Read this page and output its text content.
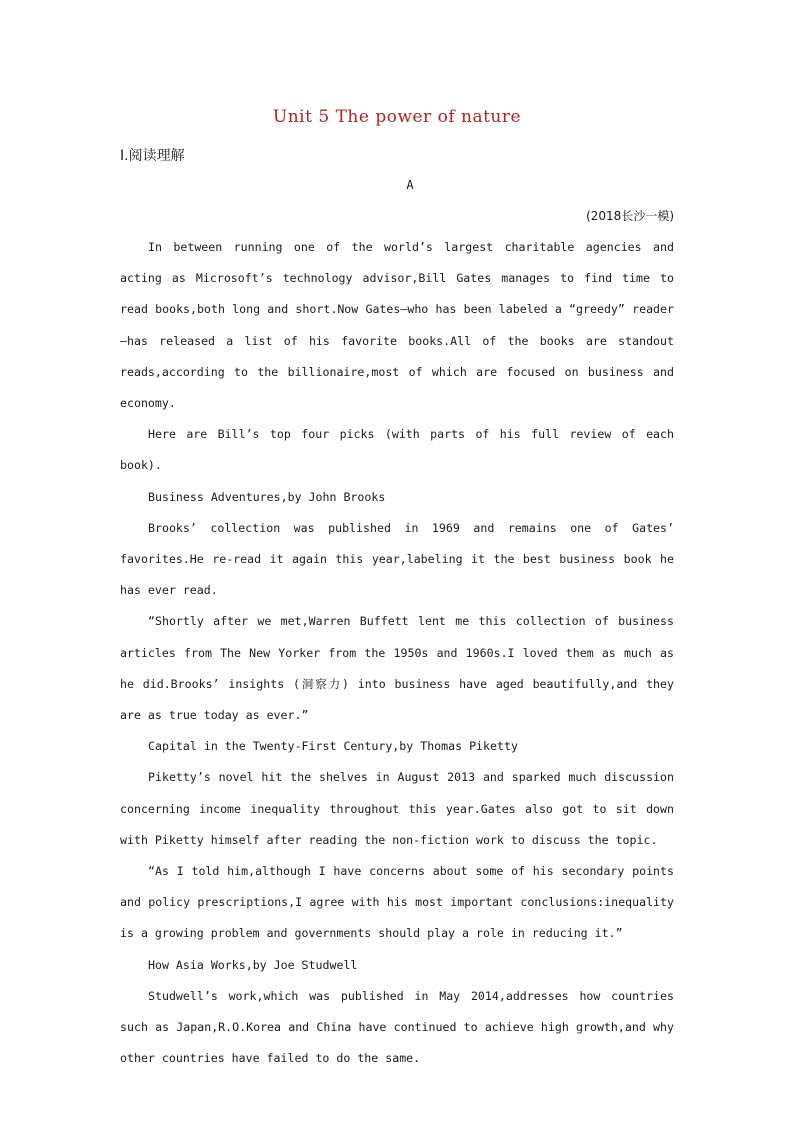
Unit 5 The power of nature
Ⅰ.阅读理解
A
(2018长沙一模)

In between running one of the world’s largest charitable agencies and acting as Microsoft’s technology advisor,Bill Gates manages to find time to read books,both long and short.Now Gates—who has been labeled a “greedy” reader—has released a list of his favorite books.All of the books are standout reads,according to the billionaire,most of which are focused on business and economy.

Here are Bill’s top four picks (with parts of his full review of each book).

Business Adventures,by John Brooks

Brooks’ collection was published in 1969 and remains one of Gates’ favorites.He re-read it again this year,labeling it the best business book he has ever read.

“Shortly after we met,Warren Buffett lent me this collection of business articles from The New Yorker from the 1950s and 1960s.I loved them as much as he did.Brooks’ insights (洞察力) into business have aged beautifully,and they are as true today as ever.”

Capital in the Twenty-First Century,by Thomas Piketty

Piketty’s novel hit the shelves in August 2013 and sparked much discussion concerning income inequality throughout this year.Gates also got to sit down with Piketty himself after reading the non-fiction work to discuss the topic.

“As I told him,although I have concerns about some of his secondary points and policy prescriptions,I agree with his most important conclusions:inequality is a growing problem and governments should play a role in reducing it.”

How Asia Works,by Joe Studwell

Studwell’s work,which was published in May 2014,addresses how countries such as Japan,R.O.Korea and China have continued to achieve high growth,and why other countries have failed to do the same.
